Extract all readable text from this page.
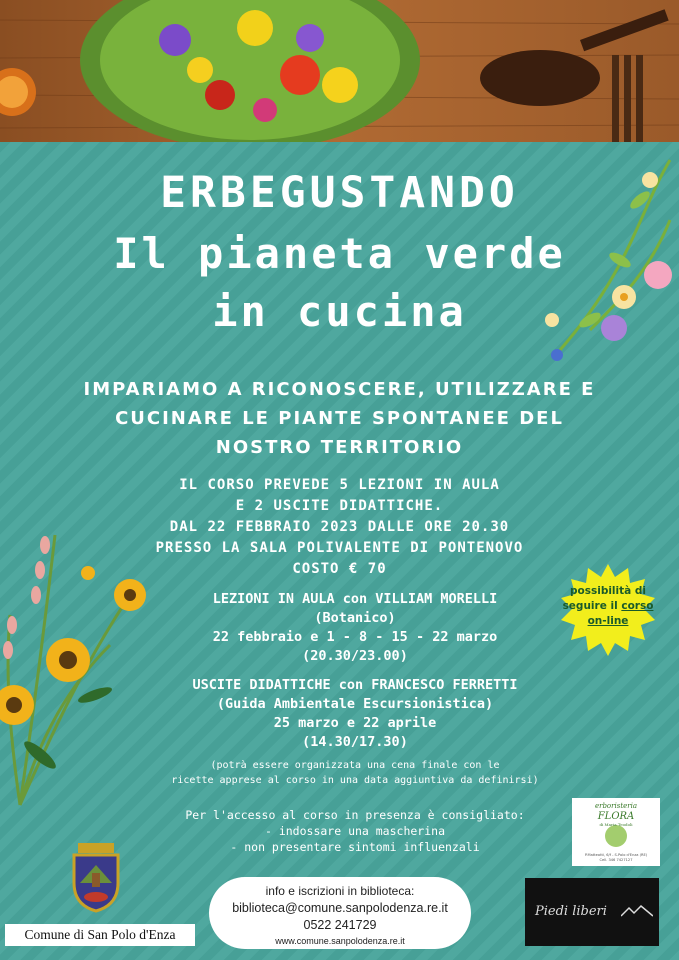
ERBEGUSTANDO
Il pianeta verde
in cucina
IMPARIAMO A RICONOSCERE, UTILIZZARE E
CUCINARE LE PIANTE SPONTANEE DEL
NOSTRO TERRITORIO
IL CORSO PREVEDE 5 LEZIONI IN AULA
E 2 USCITE DIDATTICHE.
DAL 22 FEBBRAIO 2023 DALLE ORE 20.30
PRESSO LA SALA POLIVALENTE DI PONTENOVO
COSTO € 70
LEZIONI IN AULA con VILLIAM MORELLI
(Botanico)
22 febbraio e 1 - 8 - 15 - 22 marzo
(20.30/23.00)
USCITE DIDATTICHE con FRANCESCO FERRETTI
(Guida Ambientale Escursionistica)
25 marzo e 22 aprile
(14.30/17.30)
(potrà essere organizzata una cena finale con le
ricette apprese al corso in una data aggiuntiva da definirsi)
Per l'accesso al corso in presenza è consigliato:
- indossare una mascherina
- non presentare sintomi influenzali
possibilità di
seguire il corso
on-line
Comune di San Polo d'Enza
info e iscrizioni in biblioteca:
biblioteca@comune.sanpolodenza.re.it
0522 241729
www.comune.sanpolodenza.re.it
erboristeria
FLORA
di Maria Teodoli
P.Matteotti, 6/f - S.Polo d'Enza (RE)
Cell. 346 7427127
Piedi liberi
